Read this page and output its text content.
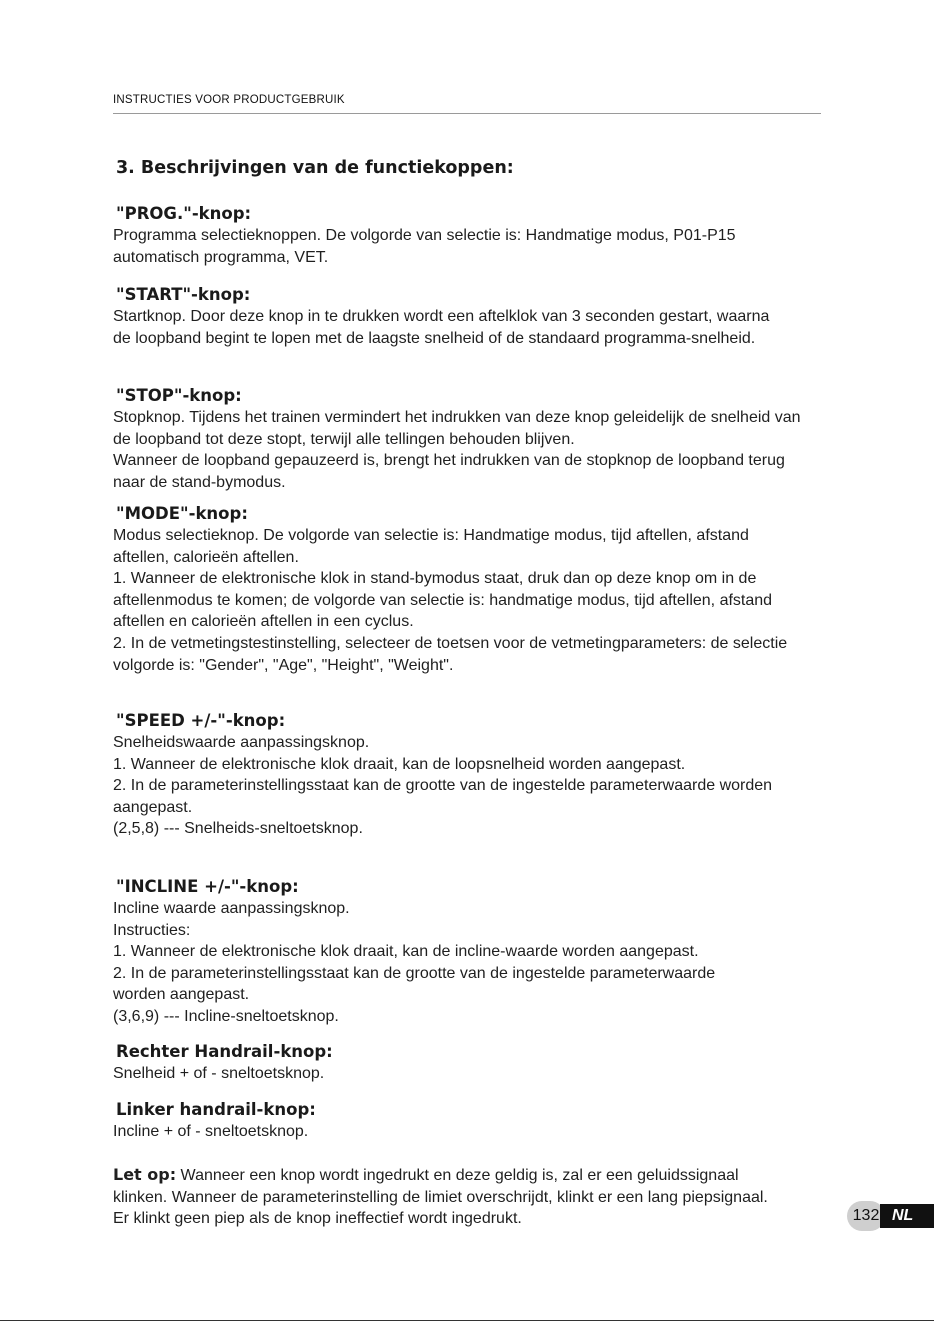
INSTRUCTIES VOOR PRODUCTGEBRUIK
3. Beschrijvingen van de functiekoppen:
"PROG."-knop:
Programma selectieknoppen. De volgorde van selectie is: Handmatige modus, P01-P15
automatisch programma, VET.
"START"-knop:
Startknop. Door deze knop in te drukken wordt een aftelklok van 3 seconden gestart, waarna
de loopband begint te lopen met de laagste snelheid of de standaard programma-snelheid.
"STOP"-knop:
Stopknop. Tijdens het trainen vermindert het indrukken van deze knop geleidelijk de snelheid van
de loopband tot deze stopt, terwijl alle tellingen behouden blijven.
Wanneer de loopband gepauzeerd is, brengt het indrukken van de stopknop de loopband terug
naar de stand-bymodus.
"MODE"-knop:
Modus selectieknop. De volgorde van selectie is: Handmatige modus, tijd aftellen, afstand
aftellen, calorieën aftellen.
1. Wanneer de elektronische klok in stand-bymodus staat, druk dan op deze knop om in de
aftellenmodus te komen; de volgorde van selectie is: handmatige modus, tijd aftellen, afstand
aftellen en calorieën aftellen in een cyclus.
2. In de vetmetingstestinstelling, selecteer de toetsen voor de vetmetingparameters: de selectie
volgorde is: "Gender", "Age", "Height", "Weight".
"SPEED +/-"-knop:
Snelheidswaarde aanpassingsknop.
1. Wanneer de elektronische klok draait, kan de loopsnelheid worden aangepast.
2. In de parameterinstellingsstaat kan de grootte van de ingestelde parameterwaarde worden
aangepast.
(2,5,8) --- Snelheids-sneltoetsknop.
"INCLINE +/-"-knop:
Incline waarde aanpassingsknop.
Instructies:
1. Wanneer de elektronische klok draait, kan de incline-waarde worden aangepast.
2. In de parameterinstellingsstaat kan de grootte van de ingestelde parameterwaarde
worden aangepast.
(3,6,9) --- Incline-sneltoetsknop.
Rechter Handrail-knop:
Snelheid + of - sneltoetsknop.
Linker handrail-knop:
Incline + of - sneltoetsknop.
Let op: Wanneer een knop wordt ingedrukt en deze geldig is, zal er een geluidssignaal
klinken. Wanneer de parameterinstelling de limiet overschrijdt, klinkt er een lang piepsignaal.
Er klinkt geen piep als de knop ineffectief wordt ingedrukt.	132 NL
